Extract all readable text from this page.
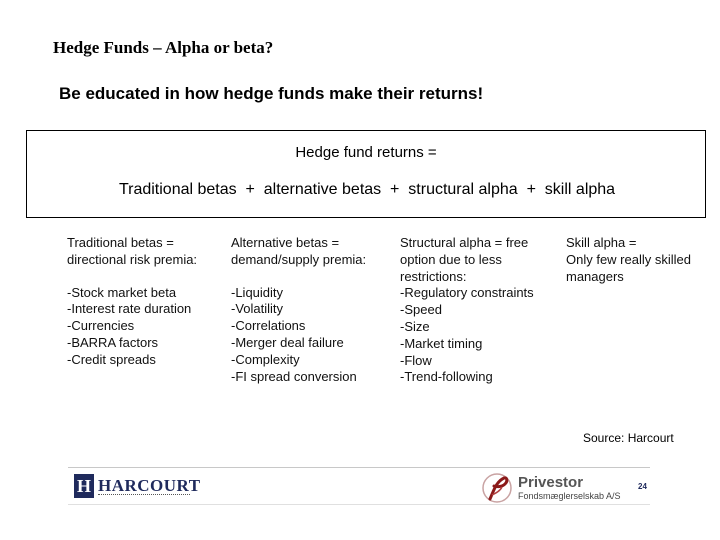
Hedge Funds – Alpha or beta?
Be educated in how hedge funds make their returns!
Hedge fund returns =
Traditional betas  +  alternative betas  +  structural alpha  +  skill alpha

Traditional betas =

directional risk premia:

-Stock market beta

-Interest rate duration

-Currencies

-BARRA factors

-Credit spreads

Alternative betas =

demand/supply premia:

-Liquidity

-Volatility

-Correlations

-Merger deal failure

-Complexity

-FI spread conversion

Structural alpha = free

option due to less

restrictions:

-Regulatory constraints

-Speed

-Size

-Market timing

-Flow

-Trend-following

Skill alpha =

Only few really skilled

managers

Source: Harcourt
H HARCOURT	Privestor
Fondsmæglerselskab A/S
24
